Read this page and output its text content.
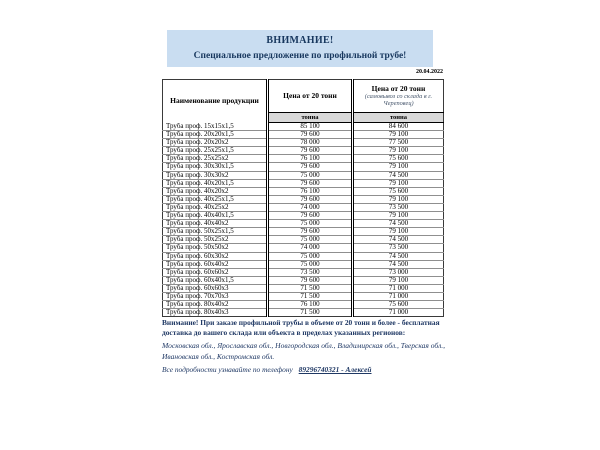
ВНИМАНИЕ!
Специальное предложение по профильной трубе!
20.04.2022
Наименование продукции	Цена от 20 тонн	Цена от 20 тонн
(самовывоз со склада в г. Череповец)

	тонна	тонна
Труба проф. 15х15х1,5	85 100	84 600
Труба проф. 20х20х1,5	79 600	79 100
Труба проф. 20х20х2	78 000	77 500
Труба проф. 25х25х1,5	79 600	79 100
Труба проф. 25х25х2	76 100	75 600
Труба проф. 30х30х1,5	79 600	79 100
Труба проф. 30х30х2	75 000	74 500
Труба проф. 40х20х1,5	79 600	79 100
Труба проф. 40х20х2	76 100	75 600
Труба проф. 40х25х1,5	79 600	79 100
Труба проф. 40х25х2	74 000	73 500
Труба проф. 40х40х1,5	79 600	79 100
Труба проф. 40х40х2	75 000	74 500
Труба проф. 50х25х1,5	79 600	79 100
Труба проф. 50х25х2	75 000	74 500
Труба проф. 50х50х2	74 000	73 500
Труба проф. 60х30х2	75 000	74 500
Труба проф. 60х40х2	75 000	74 500
Труба проф. 60х60х2	73 500	73 000
Труба проф. 60х40х1,5	79 600	79 100
Труба проф. 60х60х3	71 500	71 000
Труба проф. 70х70х3	71 500	71 000
Труба проф. 80х40х2	76 100	75 600
Труба проф. 80х40х3	71 500	71 000
Внимание! При заказе профильной трубы в объеме от 20 тонн и более - бесплатная доставка до вашего склада или объекта в пределах указанных регионов:
Московская обл., Ярославская обл., Новгородская обл., Владимирская обл., Тверская обл., Ивановская обл., Костромская обл.
Все подробности узнавайте по телефону 89296740321 - Алексей
